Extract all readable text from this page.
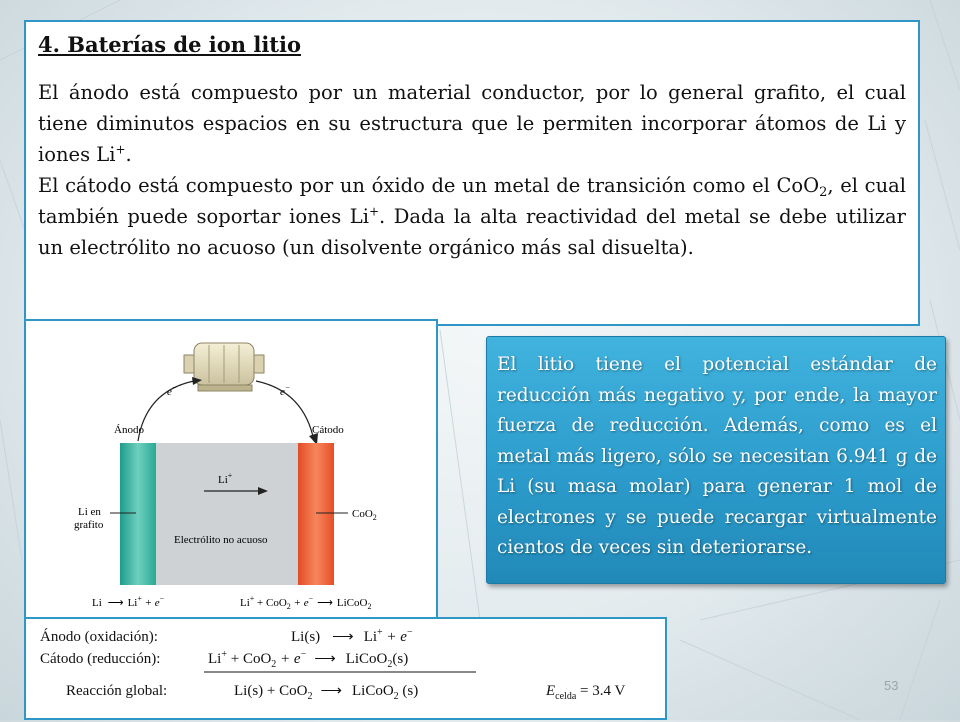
4. Baterías de ion litio

El ánodo está compuesto por un material conductor, por lo general grafito, el cual tiene diminutos espacios en su estructura que le permiten incorporar átomos de Li y iones Li+.

El cátodo está compuesto por un óxido de un metal de transición como el CoO$_2$, el cual también puede soportar iones Li+. Dada la alta reactividad del metal se debe utilizar un electrólito no acuoso (un disolvente orgánico más sal disuelta).

e−	e−
Ánodo	Cátodo
Li+
Electrólito no acuoso
Li en
grafito
CoO$_2$
Li ⟶ Li+ + e−	Li+ + CoO$_2$ + e− ⟶ LiCoO$_2$

El litio tiene el potencial estándar de reducción más negativo y, por ende, la mayor fuerza de reducción. Además, como es el metal más ligero, sólo se necesitan 6.941 g de Li (su masa molar) para generar 1 mol de electrones y se puede recargar virtualmente cientos de veces sin deteriorarse.

Ánodo (oxidación):	Li(s) ⟶ Li+ + e−
Cátodo (reducción):	Li+ + CoO$_2$ + e− ⟶ LiCoO$_2$(s)
Reacción global:	Li(s) + CoO$_2$ ⟶ LiCoO$_2$ (s)	$E_{celda} = 3.4$ V	53
